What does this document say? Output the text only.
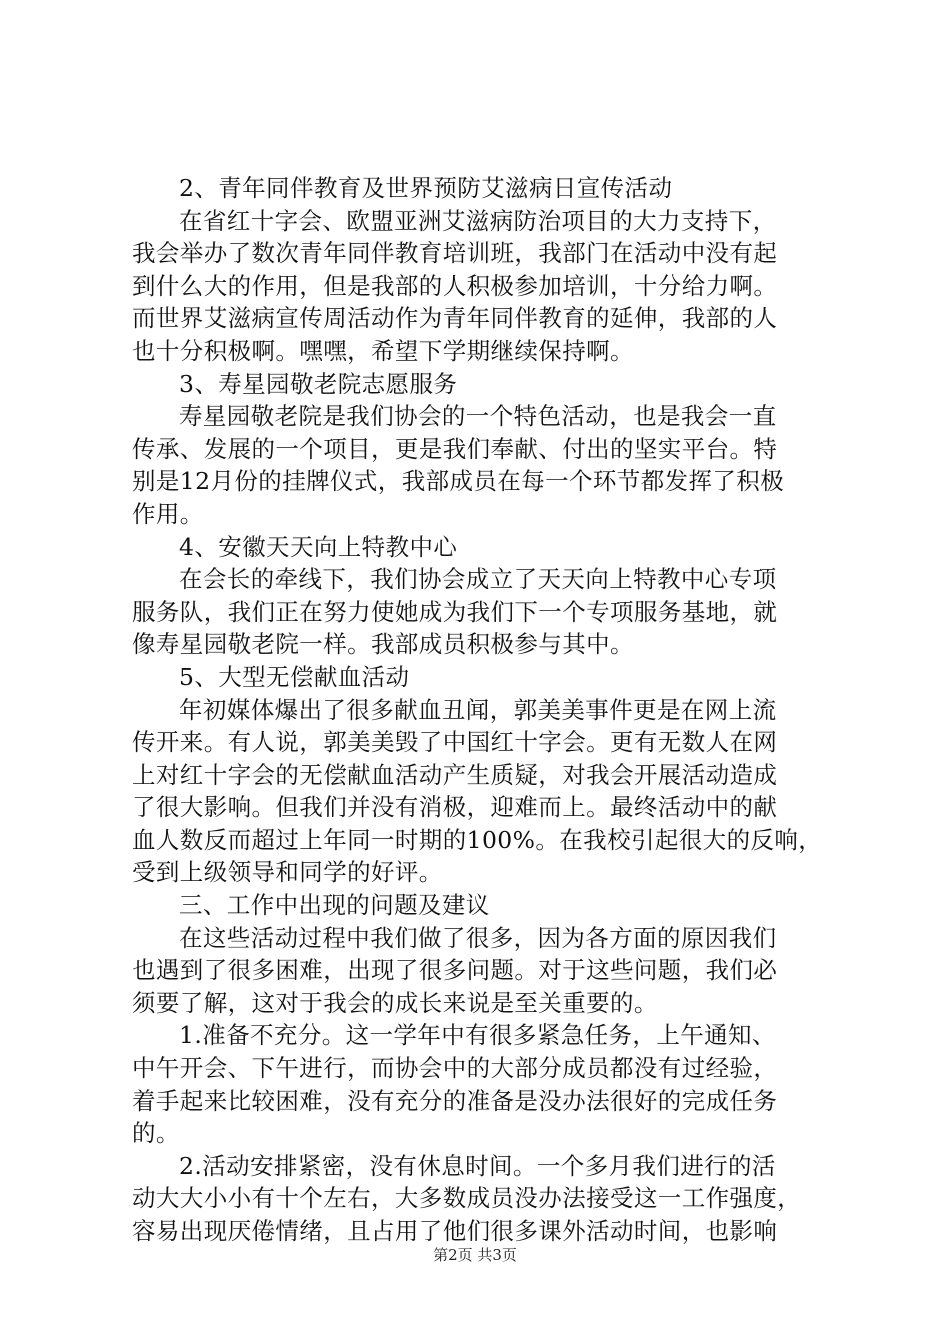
2、青年同伴教育及世界预防艾滋病日宣传活动
在省红十字会、欧盟亚洲艾滋病防治项目的大力支持下，
我会举办了数次青年同伴教育培训班，我部门在活动中没有起
到什么大的作用，但是我部的人积极参加培训，十分给力啊。
而世界艾滋病宣传周活动作为青年同伴教育的延伸，我部的人
也十分积极啊。嘿嘿，希望下学期继续保持啊。
3、寿星园敬老院志愿服务
寿星园敬老院是我们协会的一个特色活动，也是我会一直
传承、发展的一个项目，更是我们奉献、付出的坚实平台。特
别是12月份的挂牌仪式，我部成员在每一个环节都发挥了积极
作用。
4、安徽天天向上特教中心
在会长的牵线下，我们协会成立了天天向上特教中心专项
服务队，我们正在努力使她成为我们下一个专项服务基地，就
像寿星园敬老院一样。我部成员积极参与其中。
5、大型无偿献血活动
年初媒体爆出了很多献血丑闻，郭美美事件更是在网上流
传开来。有人说，郭美美毁了中国红十字会。更有无数人在网
上对红十字会的无偿献血活动产生质疑，对我会开展活动造成
了很大影响。但我们并没有消极，迎难而上。最终活动中的献
血人数反而超过上年同一时期的100%。在我校引起很大的反响，
受到上级领导和同学的好评。
三、工作中出现的问题及建议
在这些活动过程中我们做了很多，因为各方面的原因我们
也遇到了很多困难，出现了很多问题。对于这些问题，我们必
须要了解，这对于我会的成长来说是至关重要的。
1.准备不充分。这一学年中有很多紧急任务，上午通知、
中午开会、下午进行，而协会中的大部分成员都没有过经验，
着手起来比较困难，没有充分的准备是没办法很好的完成任务
的。
2.活动安排紧密，没有休息时间。一个多月我们进行的活
动大大小小有十个左右，大多数成员没办法接受这一工作强度，
容易出现厌倦情绪，且占用了他们很多课外活动时间，也影响
第2页 共3页
